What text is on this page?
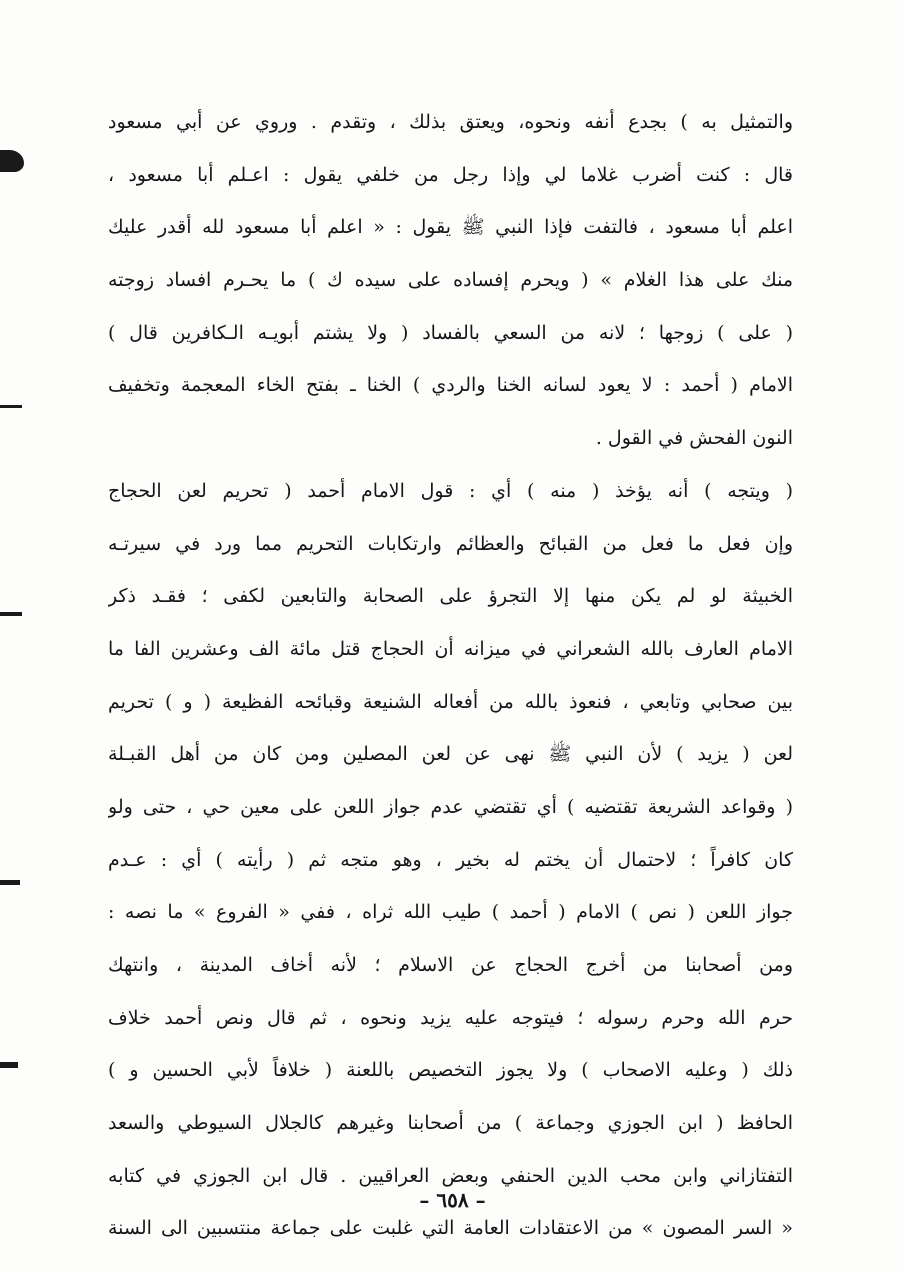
والتمثيل به ) بجدع أنفه ونحوه، ويعتق بذلك ، وتقدم . وروي عن أبي مسعود
قال : كنت أضرب غلاما لي وإذا رجل من خلفي يقول : اعـلم أبا مسعود ،
اعلم أبا مسعود ، فالتفت فإذا النبي ﷺ يقول : « اعلم أبا مسعود لله أقدر عليك
منك على هذا الغلام » ( ويحرم إفساده على سيده ك ) ما يحـرم افساد زوجته
( على ) زوجها ؛ لانه من السعي بالفساد ( ولا يشتم أبويـه الـكافرين قال )
الامام ( أحمد : لا يعود لسانه الخنا والردي ) الخنا ـ بفتح الخاء المعجمة وتخفيف
النون الفحش في القول .
( ويتجه ) أنه يؤخذ ( منه ) أي : قول الامام أحمد ( تحريم لعن الحجاج
وإن فعل ما فعل من القبائح والعظائم وارتكابات التحريم مما ورد في سيرتـه
الخبيثة لو لم يكن منها إلا التجرؤ على الصحابة والتابعين لكفى ؛ فقـد ذكر
الامام العارف بالله الشعراني في ميزانه أن الحجاج قتل مائة الف وعشرين الفا ما
بين صحابي وتابعي ، فنعوذ بالله من أفعاله الشنيعة وقبائحه الفظيعة ( و ) تحريم
لعن ( يزيد ) لأن النبي ﷺ نهى عن لعن المصلين ومن كان من أهل القبـلة
( وقواعد الشريعة تقتضيه ) أي تقتضي عدم جواز اللعن على معين حي ، حتى ولو
كان كافراً ؛ لاحتمال أن يختم له بخير ، وهو متجه ثم ( رأيته ) أي : عـدم
جواز اللعن ( نص ) الامام ( أحمد ) طيب الله ثراه ، ففي « الفروع » ما نصه :
ومن أصحابنا من أخرج الحجاج عن الاسلام ؛ لأنه أخاف المدينة ، وانتهك
حرم الله وحرم رسوله ؛ فيتوجه عليه يزيد ونحوه ، ثم قال ونص أحمد خلاف
ذلك ( وعليه الاصحاب ) ولا يجوز التخصيص باللعنة ( خلافاً لأبي الحسين و )
الحافظ ( ابن الجوزي وجماعة ) من أصحابنا وغيرهم كالجلال السيوطي والسعد
التفتازاني وابن محب الدين الحنفي وبعض العراقيين . قال ابن الجوزي في كتابه
« السر المصون » من الاعتقادات العامة التي غلبت على جماعة منتسبين الى السنة
– ٦٥٨ –
